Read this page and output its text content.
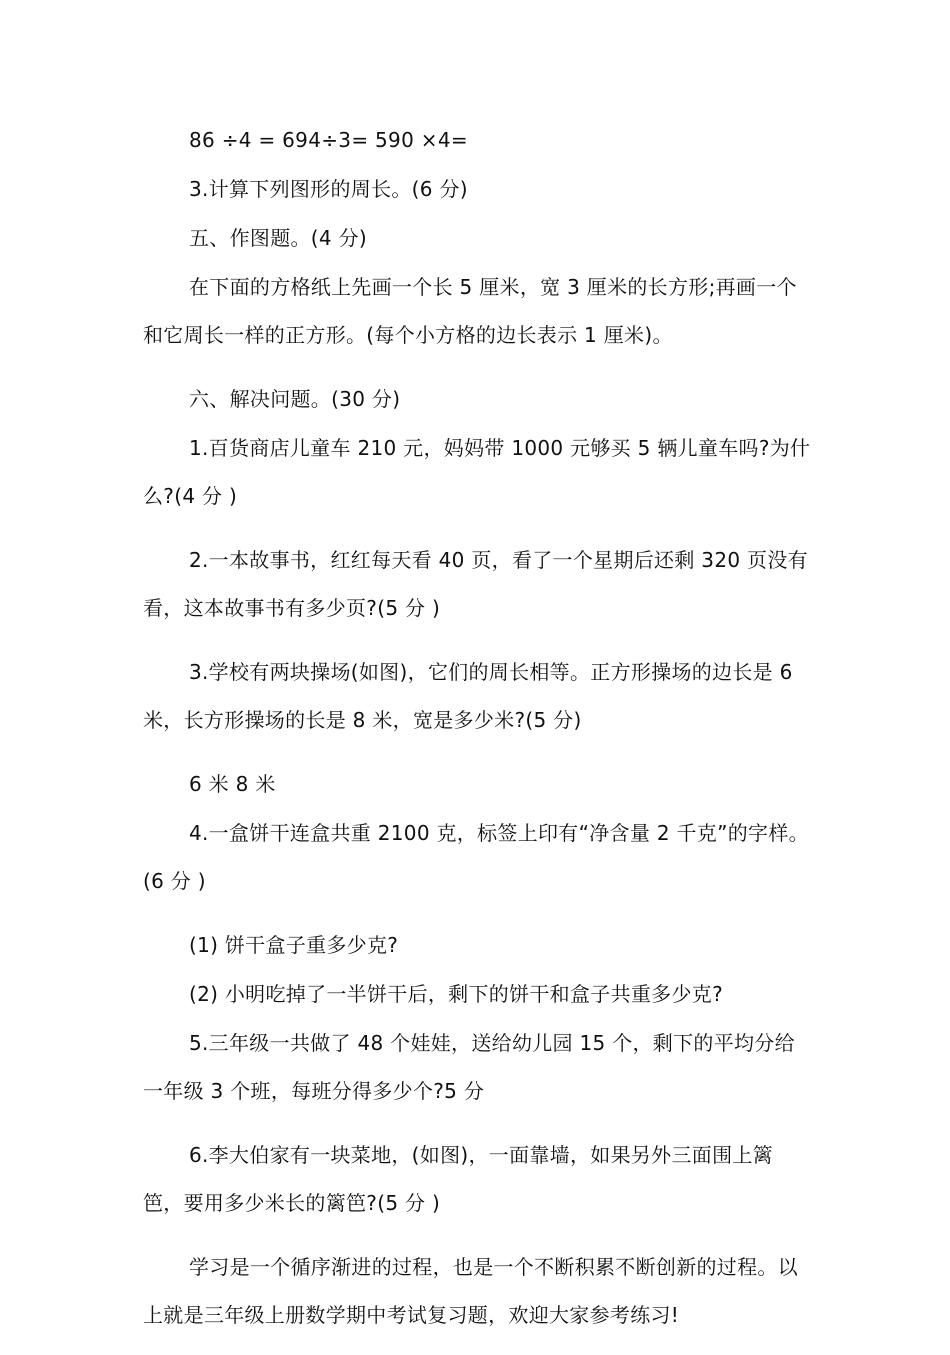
86 ÷4 = 694÷3= 590 ×4=

3.计算下列图形的周长。(6 分)

五、作图题。(4 分)

在下面的方格纸上先画一个长 5 厘米，宽 3 厘米的长方形;再画一个和它周长一样的正方形。(每个小方格的边长表示 1 厘米)。

六、解决问题。(30 分)

1.百货商店儿童车 210 元，妈妈带 1000 元够买 5 辆儿童车吗?为什么?(4 分 )

2.一本故事书，红红每天看 40 页，看了一个星期后还剩 320 页没有看，这本故事书有多少页?(5 分 )

3.学校有两块操场(如图)，它们的周长相等。正方形操场的边长是 6 米，长方形操场的长是 8 米，宽是多少米?(5 分)

6 米 8 米

4.一盒饼干连盒共重 2100 克，标签上印有“净含量 2 千克”的字样。(6 分 )

(1) 饼干盒子重多少克?

(2) 小明吃掉了一半饼干后，剩下的饼干和盒子共重多少克?

5.三年级一共做了 48 个娃娃，送给幼儿园 15 个，剩下的平均分给一年级 3 个班，每班分得多少个?5 分

6.李大伯家有一块菜地，(如图)，一面靠墙，如果另外三面围上篱笆，要用多少米长的篱笆?(5 分 )

学习是一个循序渐进的过程，也是一个不断积累不断创新的过程。以上就是三年级上册数学期中考试复习题，欢迎大家参考练习!
